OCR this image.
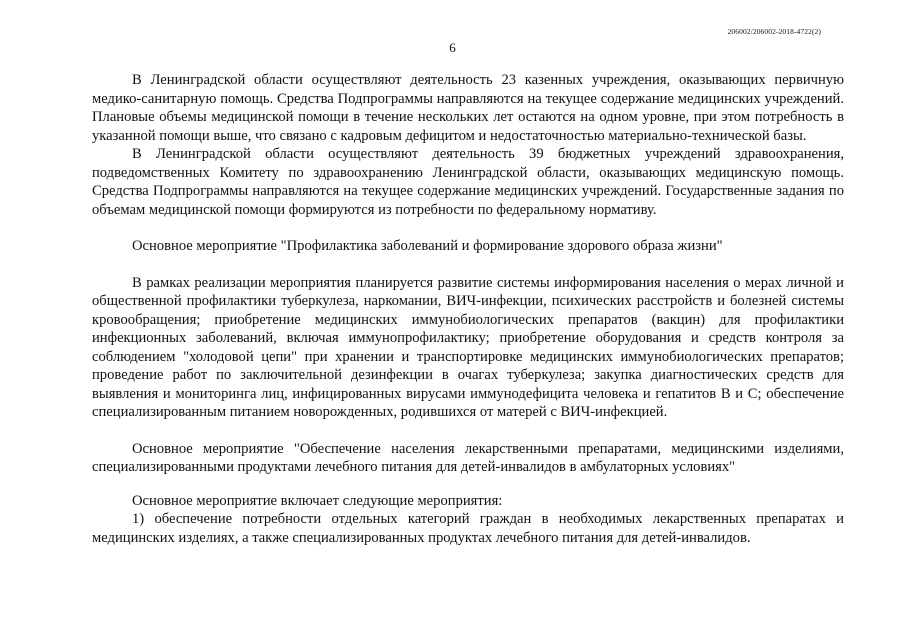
206002/206002-2018-4722(2)
6

В Ленинградской области осуществляют деятельность 23 казенных учреждения, оказывающих первичную медико-санитарную помощь. Средства Подпрограммы направляются на текущее содержание медицинских учреждений. Плановые объемы медицинской помощи в течение нескольких лет остаются на одном уровне, при этом потребность в указанной помощи выше, что связано с кадровым дефицитом и недостаточностью материально-технической базы.

В Ленинградской области осуществляют деятельность 39 бюджетных учреждений здравоохранения, подведомственных Комитету по здравоохранению Ленинградской области, оказывающих медицинскую помощь. Средства Подпрограммы направляются на текущее содержание медицинских учреждений. Государственные задания по объемам медицинской помощи формируются из потребности по федеральному нормативу.

Основное мероприятие "Профилактика заболеваний и формирование здорового образа жизни"

В рамках реализации мероприятия планируется развитие системы информирования населения о мерах личной и общественной профилактики туберкулеза, наркомании, ВИЧ-инфекции, психических расстройств и болезней системы кровообращения; приобретение медицинских иммунобиологических препаратов (вакцин) для профилактики инфекционных заболеваний, включая иммунопрофилактику; приобретение оборудования и средств контроля за соблюдением "холодовой цепи" при хранении и транспортировке медицинских иммунобиологических препаратов; проведение работ по заключительной дезинфекции в очагах туберкулеза; закупка диагностических средств для выявления и мониторинга лиц, инфицированных вирусами иммунодефицита человека и гепатитов В и С; обеспечение специализированным питанием новорожденных, родившихся от матерей с ВИЧ-инфекцией.

Основное мероприятие "Обеспечение населения лекарственными препаратами, медицинскими изделиями, специализированными продуктами лечебного питания для детей-инвалидов в амбулаторных условиях"

Основное мероприятие включает следующие мероприятия:

1) обеспечение потребности отдельных категорий граждан в необходимых лекарственных препаратах и медицинских изделиях, а также специализированных продуктах лечебного питания для детей-инвалидов.
